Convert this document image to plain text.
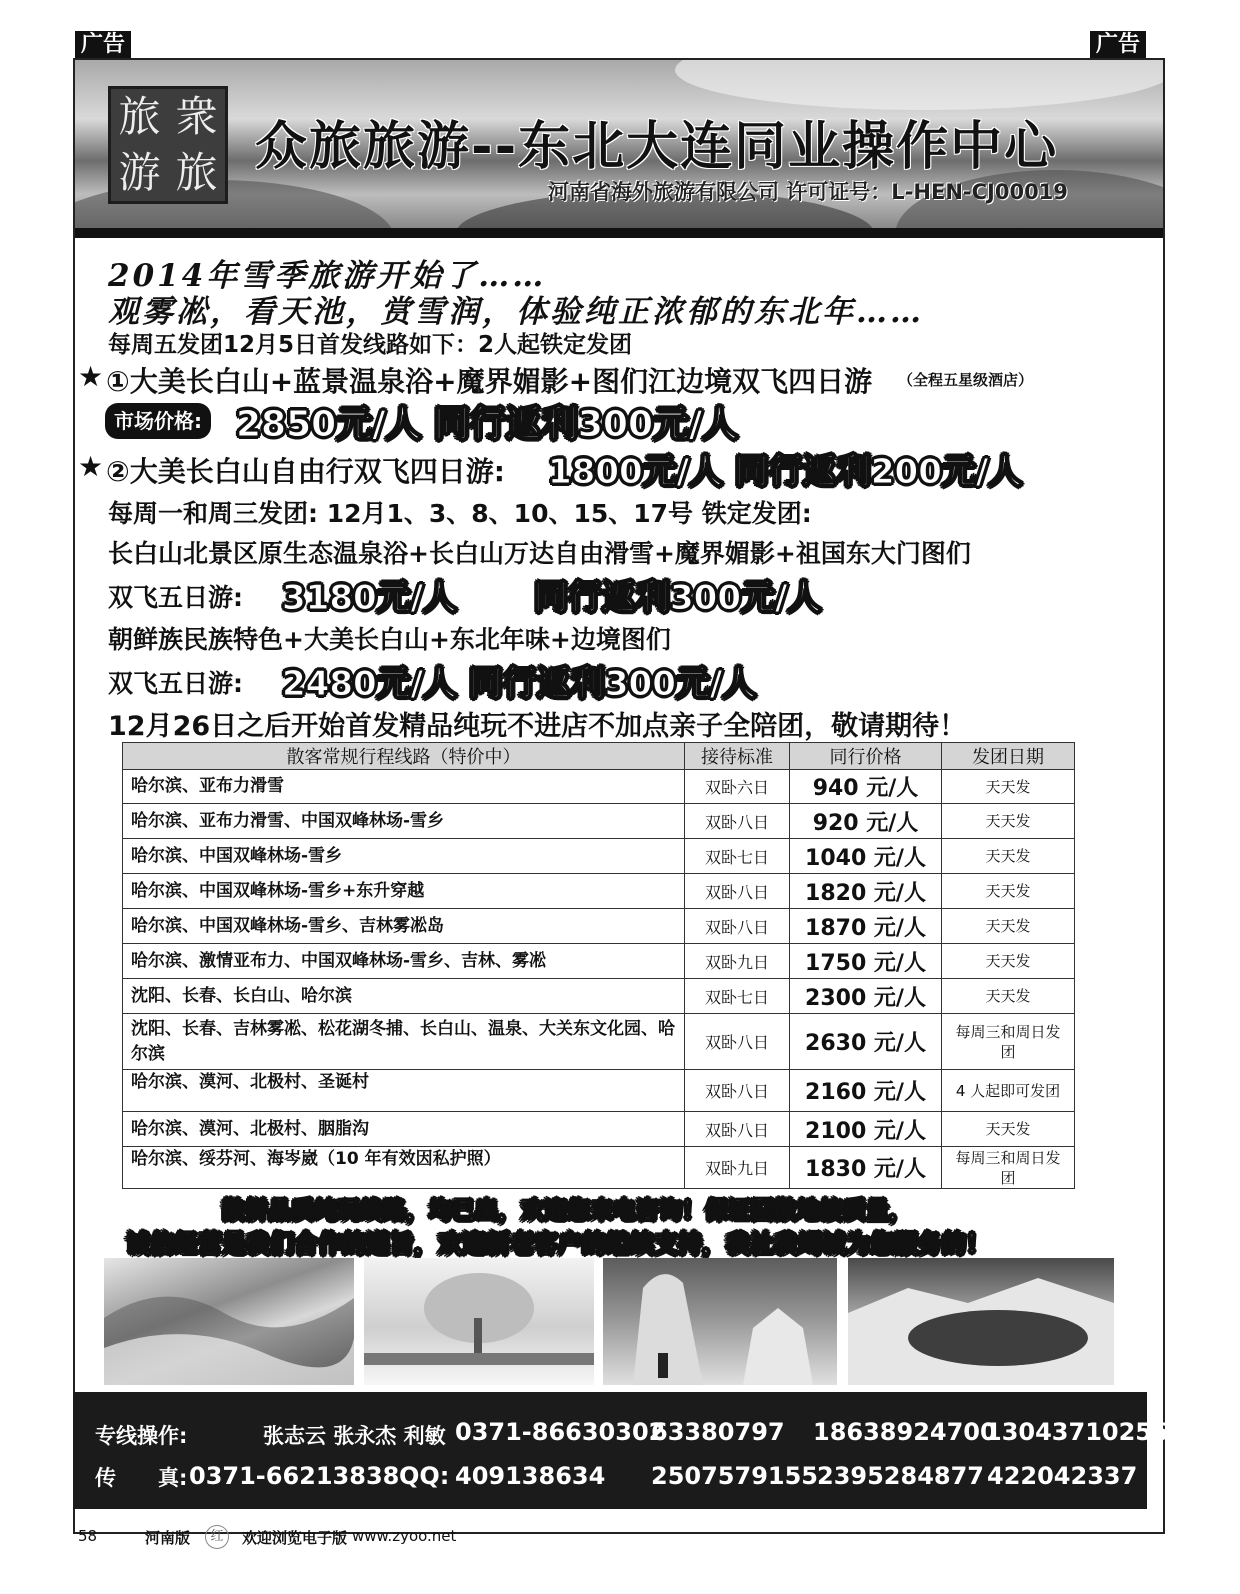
广告	广告
旅 衆
游 旅 众旅旅游--东北大连同业操作中心
河南省海外旅游有限公司 许可证号：L-HEN-CJ00019
2014年雪季旅游开始了……
观雾凇，看天池，赏雪润，体验纯正浓郁的东北年……
每周五发团12月5日首发线路如下：2人起铁定发团
★ ①大美长白山+蓝景温泉浴+魔界媚影+图们江边境双飞四日游 （全程五星级酒店）
市场价格: 2850元/人 同行返利300元/人
★ ②大美长白山自由行双飞四日游: 1800元/人 同行返利200元/人
每周一和周三发团: 12月1、3、8、10、15、17号 铁定发团:
长白山北景区原生态温泉浴+长白山万达自由滑雪+魔界媚影+祖国东大门图们
双飞五日游: 3180元/人 同行返利300元/人
朝鲜族民族特色+大美长白山+东北年味+边境图们
双飞五日游: 2480元/人 同行返利300元/人
12月26日之后开始首发精品纯玩不进店不加点亲子全陪团，敬请期待！
散客常规行程线路（特价中）	接待标准	同行价格	发团日期
哈尔滨、亚布力滑雪	双卧六日	940 元/人	天天发
哈尔滨、亚布力滑雪、中国双峰林场-雪乡	双卧八日	920 元/人	天天发
哈尔滨、中国双峰林场-雪乡	双卧七日	1040 元/人	天天发
哈尔滨、中国双峰林场-雪乡+东升穿越	双卧八日	1820 元/人	天天发
哈尔滨、中国双峰林场-雪乡、吉林雾凇岛	双卧八日	1870 元/人	天天发
哈尔滨、激情亚布力、中国双峰林场-雪乡、吉林、雾凇	双卧九日	1750 元/人	天天发
沈阳、长春、长白山、哈尔滨	双卧七日	2300 元/人	天天发
沈阳、长春、吉林雾凇、松花湖冬捕、长白山、温泉、大关东文化园、哈尔滨	双卧八日	2630 元/人	每周三和周日发团
哈尔滨、漠河、北极村、圣诞村	双卧八日	2160 元/人	4 人起即可发团
哈尔滨、漠河、北极村、胭脂沟	双卧八日	2100 元/人	天天发
哈尔滨、绥芬河、海岑崴（10 年有效因私护照）	双卧九日	1830 元/人	每周三和周日发团
散拼品质纯玩线路，均已出，欢迎您来电咨询！保证团散地接质量，
诚信经营是我们合作的遵旨，欢迎新老客户的继续支持，我社我竭诚为您服务的！
专线操作:	张志云 张永杰 利敏 0371-86630302
63380797 18638924700
13043710256
传　　真: 0371-66213838 QQ: 409138634 2507579155 2395284877 422042337
58	河南版	红	欢迎浏览电子版 www.zyoo.net
